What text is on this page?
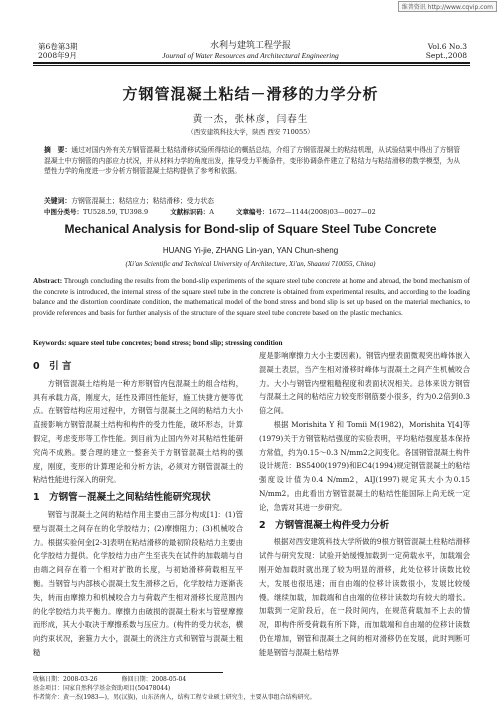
维普资讯 http://www.cqvip.com
第6卷第3期
2008年9月
水利与建筑工程学报
Journal of Water Resources and Architectural Engineering
Vol.6 No.3
Sept.,2008
方钢管混凝土粘结－滑移的力学分析
黄一杰，张林彦，闫春生
（西安建筑科技大学，陕西 西安 710055）
摘　要：通过对国内外有关方钢管混凝土粘结滑移试验所得结论的概括总结，介绍了方钢管混凝土的粘结机理，从试验结果中得出了方钢管混凝土中方钢管的内部应力状况，并从材料力学的角度出发，推导受力平衡条件，变形协调条件建立了粘结力与粘结滑移的数学模型，为从塑性力学的角度进一步分析方钢管混凝土结构提供了参考和依据。
关键词：方钢管混凝土；粘结应力；粘结滑移；受力状态
中图分类号：TU528.59, TU398.9	文献标识码：A	文章编号：1672—1144(2008)03—0027—02
Mechanical Analysis for Bond-slip of Square Steel Tube Concrete
HUANG Yi-jie, ZHANG Lin-yan, YAN Chun-sheng
(Xi'an Scientific and Technical University of Architecture, Xi'an, Shaanxi 710055, China)
Abstract: Through concluding the results from the bond-slip experiments of the square steel tube concrete at home and abroad, the bond mechanism of the concrete is introduced, the internal stress of the square steel tube in the concrete is obtained from experimental results, and according to the loading balance and the distortion coordinate condition, the mathematical model of the bond stress and bond slip is set up based on the material mechanics, to provide references and basis for further analysis of the structure of the square steel tube concrete based on the plastic mechanics.
Keywords: square steel tube concretes; bond stress; bond slip; stressing condition
0　引 言

方钢管混凝土结构是一种方形钢管内包混凝土的组合结构，具有承载力高，刚度大，延性及滞回性能好，施工快捷方便等优点。在钢管结构应用过程中，方钢管与混凝土之间的粘结力大小直接影响方钢管混凝土结构和构件的受力性能，破坏形态，计算假定，考虑变形等工作性能。到目前为止国内外对其粘结性能研究尚不成熟。要合理的建立一整套关于方钢管混凝土结构的强度，刚度，变形的计算理论和分析方法，必须对方钢管混凝土的粘结性能进行深入的研究。

1　方钢管－混凝土之间粘结性能研究现状

钢管与混凝土之间的粘结作用主要由三部分构成[1]：(1)管壁与混凝土之间存在的化学胶结力；(2)摩擦阻力；(3)机械咬合力。根据实验何金[2-3]表明在粘结滑移的最初阶段粘结力主要由化学胶结力提供。化学胶结力由产生至丧失在试件的加载端与自由端之间存在着一个相对扩散的长度，与初始滑移荷载相互平衡。当钢管与内部核心混凝土发生滑移之后，化学胶结力逐渐丧失，转而由摩擦力和机械咬合力与荷载产生相对滑移长度范围内的化学胶结力共平衡力。摩擦力由破损的混凝土粉末与管壁摩擦而形成，其大小取决于摩擦系数与压应力。(构件的受力状态，横向约束状况，套箍力大小，混凝土的浇注方式和钢管与混凝土粗糙

度是影响摩擦力大小主要因素)。钢管内壁表面微观突出峰体嵌入混凝土表层，当产生相对滑移时峰体与混凝土之间产生机械咬合力。大小与钢管内壁粗糙程度和表面状况相关。总体来说方钢管与混凝土之间的粘结应力较变形钢筋要小很多，约为0.2倍到0.3倍之间。

根据 Morishita Y 和 Tomii M(1982)，Morishita Y[4]等(1979)关于方钢管粘结强度的实验表明，平均粘结强度基本保持方常值，约为0.15～0.3 N/mm2之间变化。各国钢管混凝土构件设计规范：BS5400(1979)和EC4(1994)规定钢管混凝土的粘结强度设计值为0.4 N/mm2，AIJ(1997)规定其大小为0.15 N/mm2。由此看出方钢管混凝土的粘结性能国际上尚无统一定论，急需对其进一步研究。

2　方钢管混凝土构件受力分析

根据对西安建筑科技大学所做的9根方钢管混凝土柱粘结滑移试件与研究发现：试验开始缓慢加载到一定荷载水平，加载端会刚开始加载时就出现了较为明显的滑移，此处位移计读数比较大，发展也很迅速；而自由端的位移计读数很小，发展比较缓慢。继续加载，加载端和自由端的位移计读数均有较大的增长。加载到一定阶段后，在一段时间内，在规范荷载加不上去的情况，即构件所受荷载有所下降，而加载端和自由端的位移计读数仍在增加，钢管和混凝土之间的相对滑移仍在发展，此时判断可能是钢管与混凝土粘结界

收稿日期：2008-03-26　　　　修回日期：2008-05-04
基金项目：国家自然科学基金资助项目(50478044)
作者简介：黄一杰(1983—)，男(汉族)，山东济南人，结构工程专业硕士研究生，主要从事组合结构研究。
